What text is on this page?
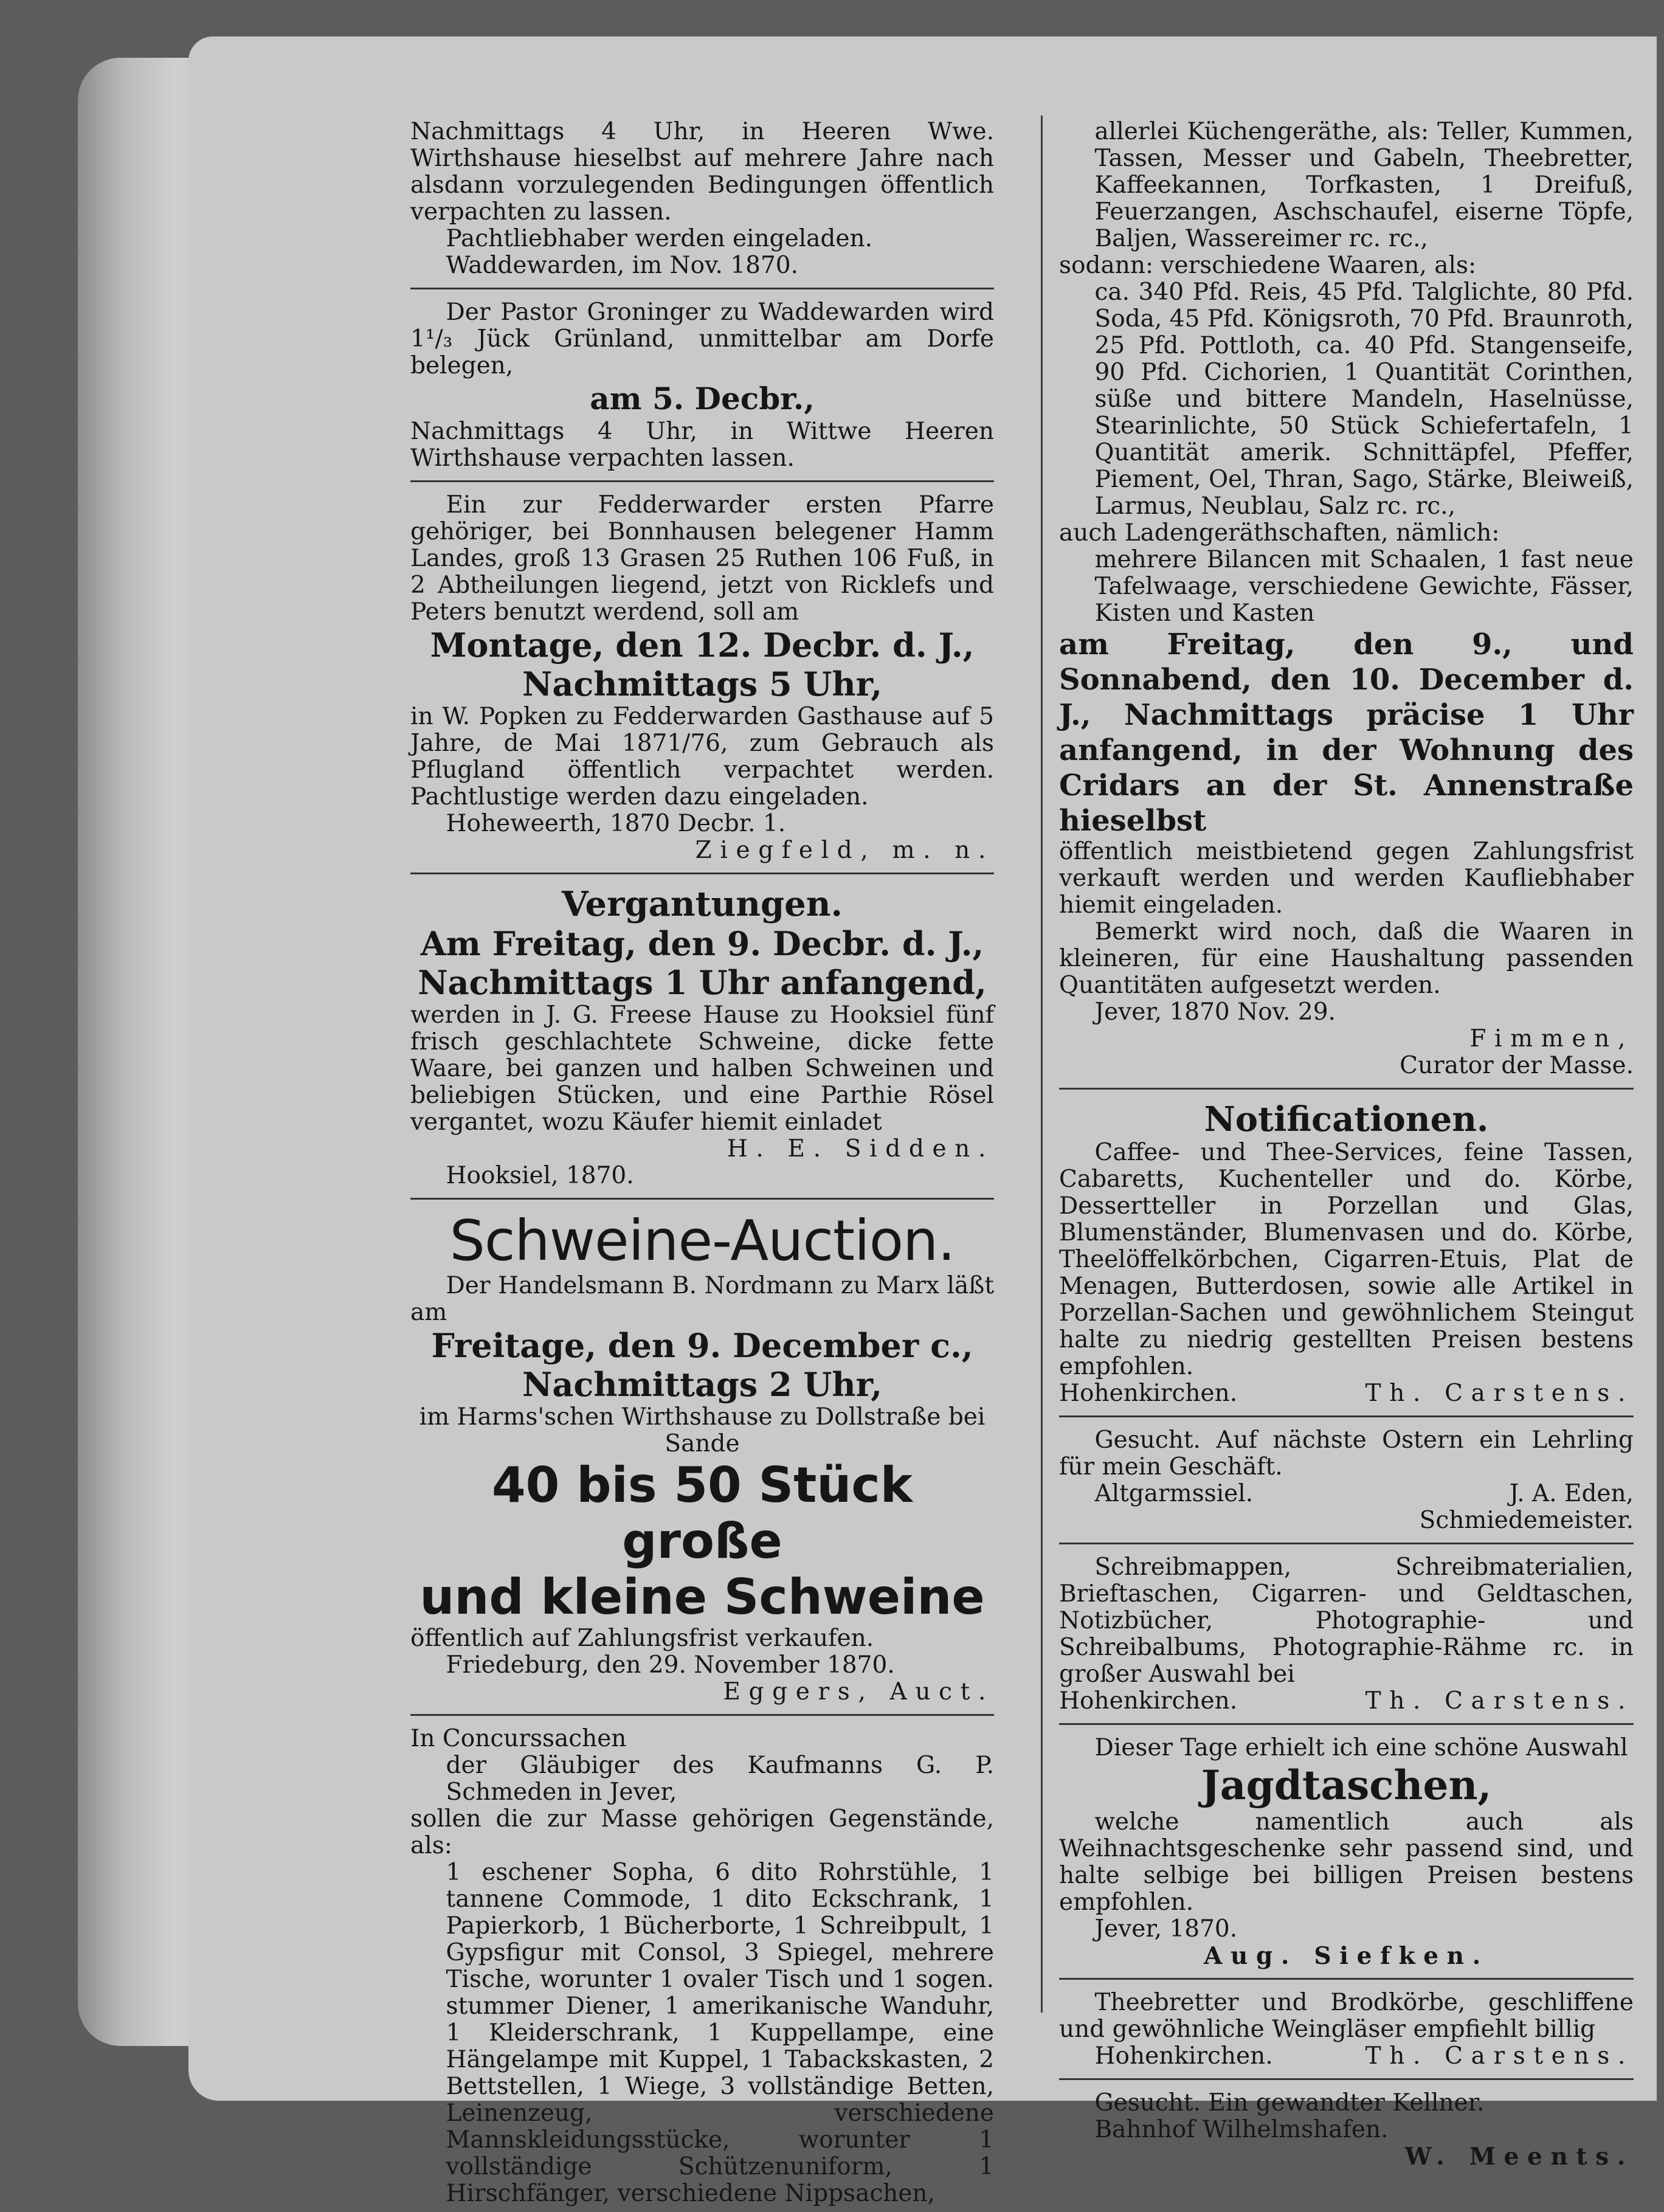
Nachmittags 4 Uhr, in Heeren Wwe. Wirthshause hieselbst auf mehrere Jahre nach alsdann vorzulegenden Bedingungen öffentlich verpachten zu lassen.

Pachtliebhaber werden eingeladen.

Waddewarden, im Nov. 1870.

Der Pastor Groninger zu Waddewarden wird 1¹/₃ Jück Grünland, unmittelbar am Dorfe belegen,

am 5. Decbr.,

Nachmittags 4 Uhr, in Wittwe Heeren Wirthshause verpachten lassen.

Ein zur Fedderwarder ersten Pfarre gehöriger, bei Bonnhausen belegener Hamm Landes, groß 13 Grasen 25 Ruthen 106 Fuß, in 2 Abtheilungen liegend, jetzt von Ricklefs und Peters benutzt werdend, soll am

Montage, den 12. Decbr. d. J.,

Nachmittags 5 Uhr,

in W. Popken zu Fedderwarden Gasthause auf 5 Jahre, de Mai 1871/76, zum Gebrauch als Pflugland öffentlich verpachtet werden. Pachtlustige werden dazu eingeladen.

Hoheweerth, 1870 Decbr. 1.

Ziegfeld, m. n.

Vergantungen.

Am Freitag, den 9. Decbr. d. J.,

Nachmittags 1 Uhr anfangend,

werden in J. G. Freese Hause zu Hooksiel fünf frisch geschlachtete Schweine, dicke fette Waare, bei ganzen und halben Schweinen und beliebigen Stücken, und eine Parthie Rösel vergantet, wozu Käufer hiemit einladet

H. E. Sidden.

Hooksiel, 1870.

Schweine-Auction.

Der Handelsmann B. Nordmann zu Marx läßt am

Freitage, den 9. December c.,

Nachmittags 2 Uhr,

im Harms'schen Wirthshause zu Dollstraße bei Sande

40 bis 50 Stück große

und kleine Schweine

öffentlich auf Zahlungsfrist verkaufen.

Friedeburg, den 29. November 1870.

Eggers, Auct.

In Concurssachen

der Gläubiger des Kaufmanns G. P. Schmeden in Jever,

sollen die zur Masse gehörigen Gegenstände, als:

1 eschener Sopha, 6 dito Rohrstühle, 1 tannene Commode, 1 dito Eckschrank, 1 Papierkorb, 1 Bücherborte, 1 Schreibpult, 1 Gypsfigur mit Consol, 3 Spiegel, mehrere Tische, worunter 1 ovaler Tisch und 1 sogen. stummer Diener, 1 amerikanische Wanduhr, 1 Kleiderschrank, 1 Kuppellampe, eine Hängelampe mit Kuppel, 1 Tabackskasten, 2 Bettstellen, 1 Wiege, 3 vollständige Betten, Leinenzeug, verschiedene Mannskleidungsstücke, worunter 1 vollständige Schützenuniform, 1 Hirschfänger, verschiedene Nippsachen,

allerlei Küchengeräthe, als: Teller, Kummen, Tassen, Messer und Gabeln, Theebretter, Kaffeekannen, Torfkasten, 1 Dreifuß, Feuerzangen, Aschschaufel, eiserne Töpfe, Baljen, Wassereimer rc. rc.,

sodann: verschiedene Waaren, als:

ca. 340 Pfd. Reis, 45 Pfd. Talglichte, 80 Pfd. Soda, 45 Pfd. Königsroth, 70 Pfd. Braunroth, 25 Pfd. Pottloth, ca. 40 Pfd. Stangenseife, 90 Pfd. Cichorien, 1 Quantität Corinthen, süße und bittere Mandeln, Haselnüsse, Stearinlichte, 50 Stück Schiefertafeln, 1 Quantität amerik. Schnittäpfel, Pfeffer, Piement, Oel, Thran, Sago, Stärke, Bleiweiß, Larmus, Neublau, Salz rc. rc.,

auch Ladengeräthschaften, nämlich:

mehrere Bilancen mit Schaalen, 1 fast neue Tafelwaage, verschiedene Gewichte, Fässer, Kisten und Kasten

am Freitag, den 9., und Sonnabend, den 10. December d. J., Nachmittags präcise 1 Uhr anfangend, in der Wohnung des Cridars an der St. Annenstraße hieselbst

öffentlich meistbietend gegen Zahlungsfrist verkauft werden und werden Kaufliebhaber hiemit eingeladen.

Bemerkt wird noch, daß die Waaren in kleineren, für eine Haushaltung passenden Quantitäten aufgesetzt werden.

Jever, 1870 Nov. 29.

Fimmen,

Curator der Masse.

Notificationen.

Caffee- und Thee-Services, feine Tassen, Cabaretts, Kuchenteller und do. Körbe, Dessertteller in Porzellan und Glas, Blumenständer, Blumenvasen und do. Körbe, Theelöffelkörbchen, Cigarren-Etuis, Plat de Menagen, Butterdosen, sowie alle Artikel in Porzellan-Sachen und gewöhnlichem Steingut halte zu niedrig gestellten Preisen bestens empfohlen.

Hohenkirchen.	Th. Carstens.

Gesucht. Auf nächste Ostern ein Lehrling für mein Geschäft.

Altgarmssiel.	J. A. Eden,

Schmiedemeister.

Schreibmappen, Schreibmaterialien, Brieftaschen, Cigarren- und Geldtaschen, Notizbücher, Photographie- und Schreibalbums, Photographie-Rähme rc. in großer Auswahl bei

Hohenkirchen.	Th. Carstens.

Dieser Tage erhielt ich eine schöne Auswahl

Jagdtaschen,

welche namentlich auch als Weihnachtsgeschenke sehr passend sind, und halte selbige bei billigen Preisen bestens empfohlen.

Jever, 1870.

Aug. Siefken.

Theebretter und Brodkörbe, geschliffene und gewöhnliche Weingläser empfiehlt billig

Hohenkirchen.	Th. Carstens.

Gesucht. Ein gewandter Kellner.

Bahnhof Wilhelmshafen.

W. Meents.
